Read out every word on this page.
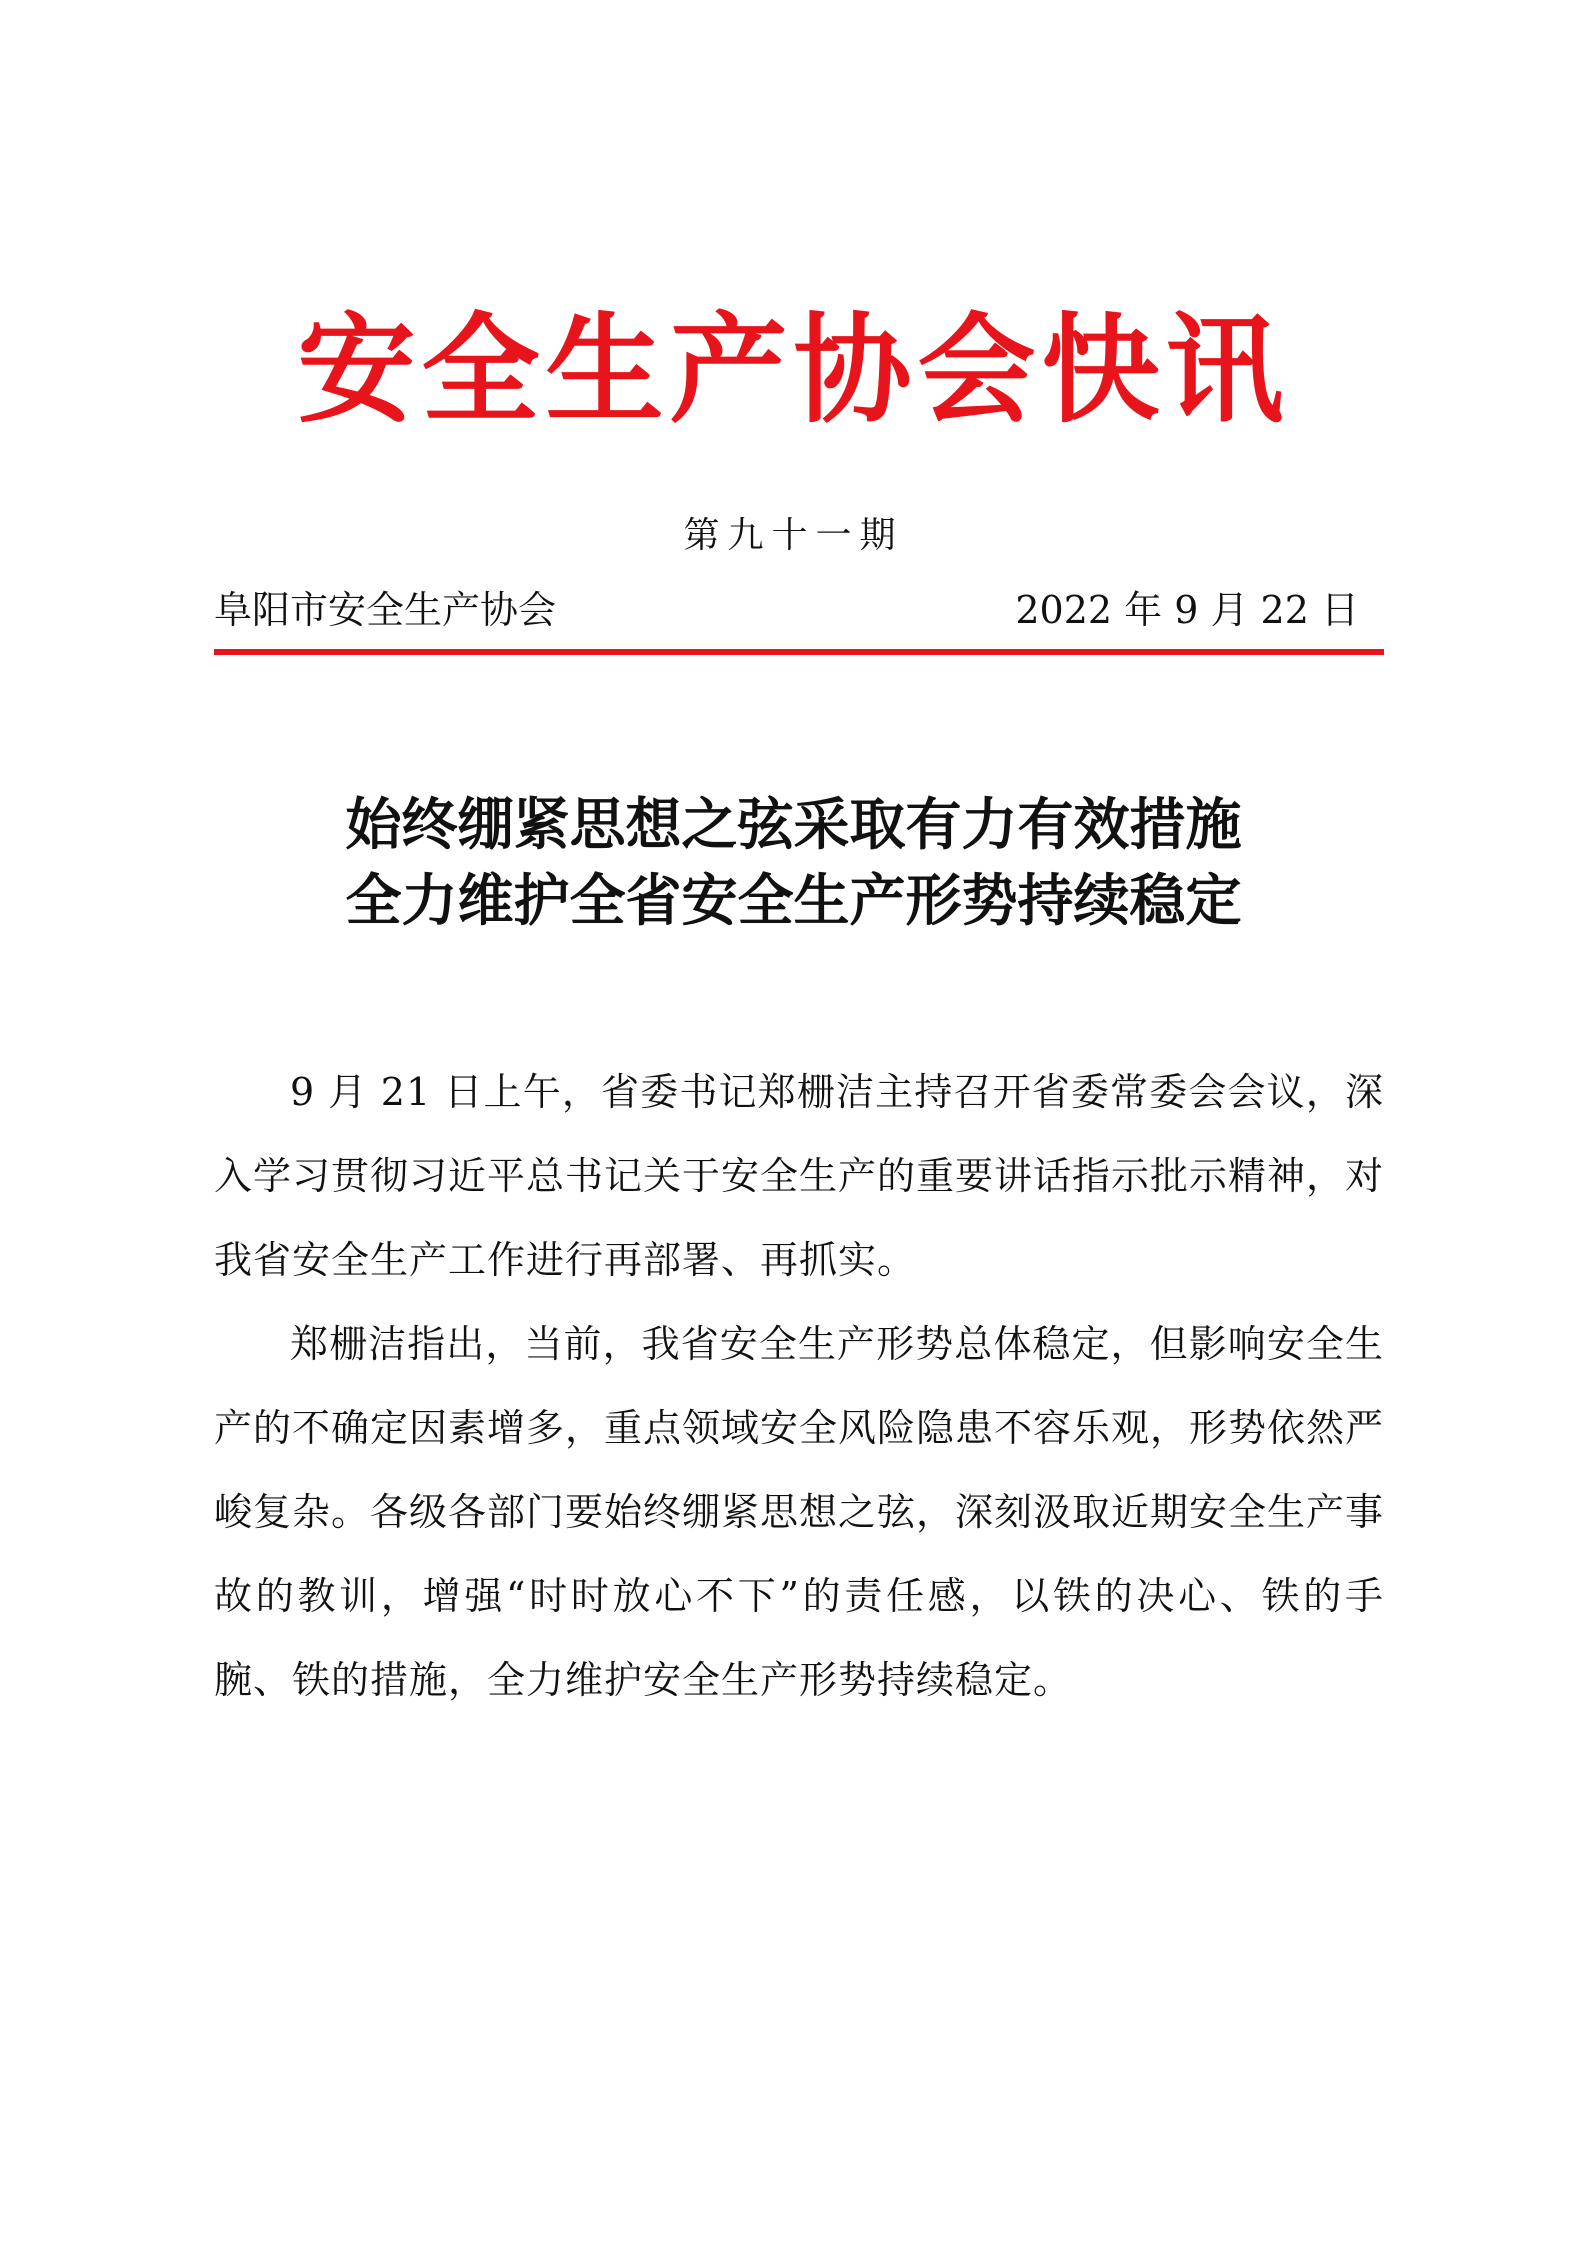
安全生产协会快讯
第九十一期
阜阳市安全生产协会	2022 年 9 月 22 日
始终绷紧思想之弦采取有力有效措施
全力维护全省安全生产形势持续稳定

9 月 21 日上午，省委书记郑栅洁主持召开省委常委会会议，深入学习贯彻习近平总书记关于安全生产的重要讲话指示批示精神，对我省安全生产工作进行再部署、再抓实。

郑栅洁指出，当前，我省安全生产形势总体稳定，但影响安全生产的不确定因素增多，重点领域安全风险隐患不容乐观，形势依然严峻复杂。各级各部门要始终绷紧思想之弦，深刻汲取近期安全生产事故的教训，增强“时时放心不下”的责任感，以铁的决心、铁的手腕、铁的措施，全力维护安全生产形势持续稳定。
